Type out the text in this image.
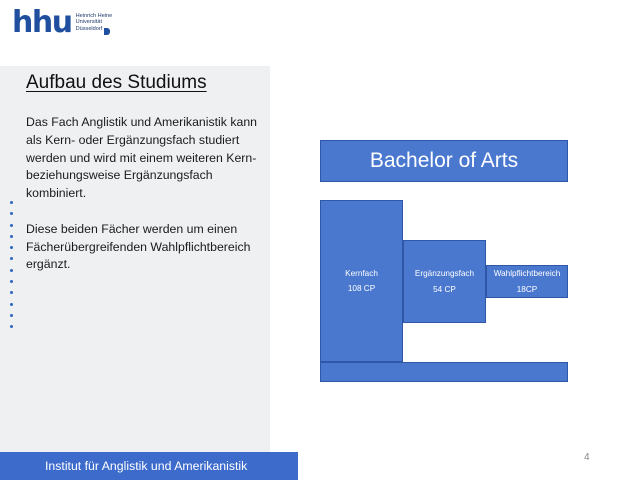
hhu Heinrich Heine
Universität
Düsseldorf
Aufbau des Studiums

Das Fach Anglistik und Amerikanistik kann als Kern- oder Ergänzungsfach studiert werden und wird mit einem weiteren Kern- beziehungsweise Ergänzungsfach kombiniert.

Diese beiden Fächer werden um einen Fächerübergreifenden Wahlpflichtbereich ergänzt.

Bachelor of Arts
Kernfach
108 CP
Ergänzungsfach
54 CP
Wahlpflichtbereich
18CP
Institut für Anglistik und Amerikanistik
4
